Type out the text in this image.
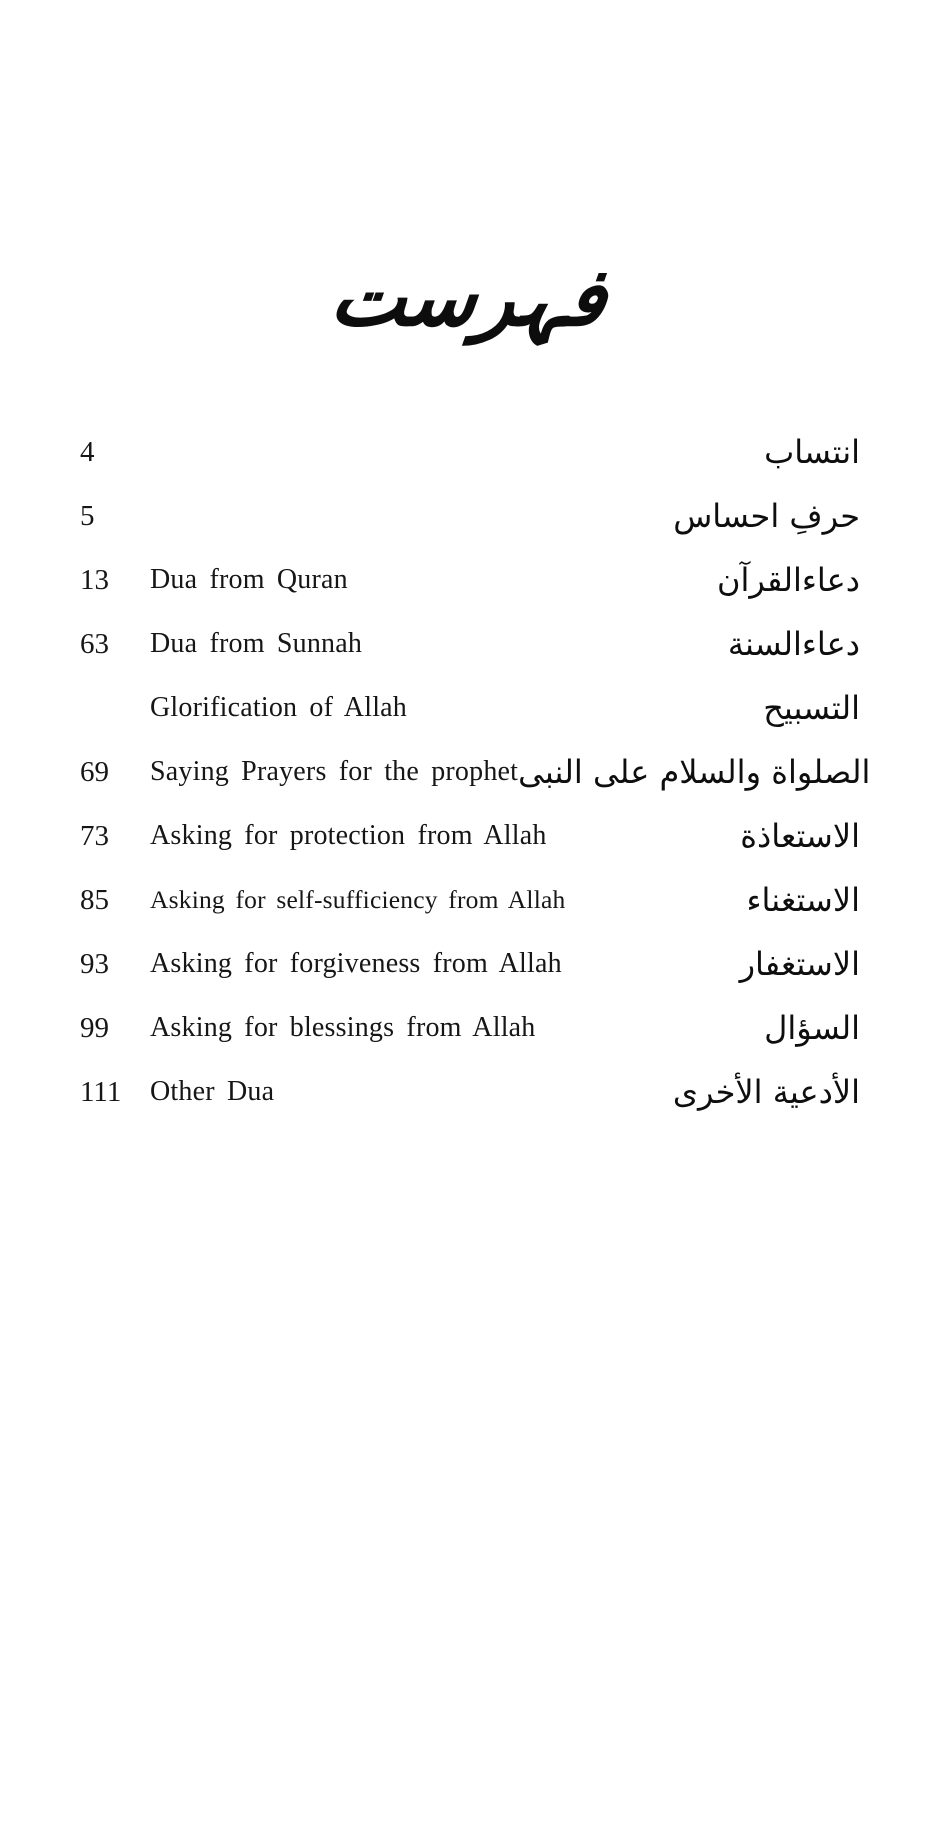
فہرست
4	انتساب
5	حرفِ احساس
13	Dua from Quran	دعاءالقرآن
63	Dua from Sunnah	دعاءالسنة
Glorification of Allah	التسبيح
69	Saying Prayers for the prophet الصلواة والسلام على النبى
73	Asking for protection from Allah	الاستعاذة
85	Asking for self-sufficiency from Allah	الاستغناء
93	Asking for forgiveness from Allah	الاستغفار
99	Asking for blessings from Allah	السؤال
111	Other Dua	الأدعية الأخرى
